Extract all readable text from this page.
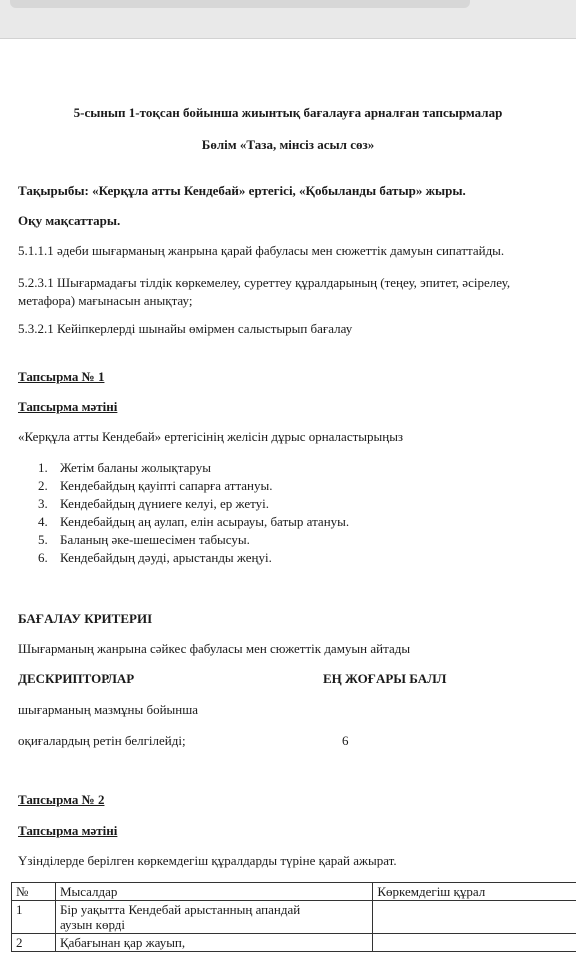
5-сынып 1-тоқсан бойынша жиынтық бағалауға арналған тапсырмалар
Бөлім «Таза, мінсіз асыл сөз»
Тақырыбы: «Керқұла атты Кендебай» ертегісі, «Қобыланды батыр» жыры.
Оқу мақсаттары.
5.1.1.1 әдеби шығарманың жанрына қарай фабуласы мен сюжеттік дамуын сипаттайды.
5.2.3.1 Шығармадағы тілдік көркемелеу, суреттеу құралдарының (теңеу, эпитет, әсірелеу,
метафора) мағынасын анықтау;
5.3.2.1 Кейіпкерлерді шынайы өмірмен салыстырып бағалау
Тапсырма № 1
Тапсырма мәтіні
«Керқұла атты Кендебай» ертегісінің желісін дұрыс орналастырыңыз
1. Жетім баланы жолықтаруы
2. Кендебайдың қауіпті сапарға аттануы.
3. Кендебайдың дүниеге келуі, ер жетуі.
4. Кендебайдың аң аулап, елін асырауы, батыр атануы.
5. Баланың әке-шешесімен табысуы.
6. Кендебайдың дәуді, арыстанды жеңуі.
БАҒАЛАУ КРИТЕРИІ
Шығарманың жанрына сәйкес фабуласы мен сюжеттік дамуын айтады
ДЕСКРИПТОРЛАР	ЕҢ ЖОҒАРЫ БАЛЛ
шығарманың мазмұны бойынша
оқиғалардың ретін белгілейді;	6
Тапсырма № 2
Тапсырма мәтіні
Үзінділерде берілген көркемдегіш құралдарды түріне қарай ажырат.
№	Мысалдар	Көркемдегіш құрал
1	Бір уақытта Кендебай арыстанның апандай
аузын көрді	

2	Қабағынан қар жауып,	
